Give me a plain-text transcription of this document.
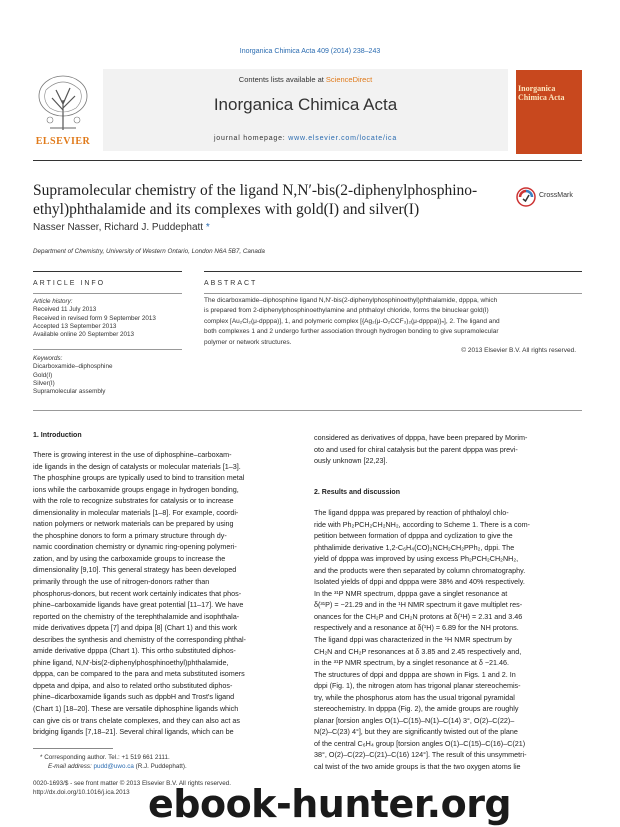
Inorganica Chimica Acta 409 (2014) 238–243
Contents lists available at ScienceDirect
Inorganica Chimica Acta
journal homepage: www.elsevier.com/locate/ica
ELSEVIER
Inorganica Chimica Acta
Supramolecular chemistry of the ligand N,N′-bis(2-diphenylphosphino-
ethyl)phthalamide and its complexes with gold(I) and silver(I)
CrossMark
Nasser Nasser, Richard J. Puddephatt *
Department of Chemistry, University of Western Ontario, London N6A 5B7, Canada
ARTICLE INFO
Article history:
Received 11 July 2013
Received in revised form 9 September 2013
Accepted 13 September 2013
Available online 20 September 2013
Keywords:
Dicarboxamide–diphosphine
Gold(I)
Silver(I)
Supramolecular assembly
ABSTRACT
The dicarboxamide–diphosphine ligand N,N′-bis(2-diphenylphosphinoethyl)phthalamide, dpppa, which
is prepared from 2-diphenylphosphinoethylamine and phthaloyl chloride, forms the binuclear gold(I)
complex [Au₂Cl₂(μ-dpppa)], 1, and polymeric complex [{Ag₂(μ-O₂CCF₃)₂(μ-dpppa)}ₙ], 2. The ligand and
both complexes 1 and 2 undergo further association through hydrogen bonding to give supramolecular
polymer or network structures.
© 2013 Elsevier B.V. All rights reserved.
1. Introduction
There is growing interest in the use of diphosphine–carboxam-
ide ligands in the design of catalysts or molecular materials [1–3].
The phosphine groups are typically used to bind to transition metal
ions while the carboxamide groups engage in hydrogen bonding,
with the role to recognize substrates for catalysis or to increase
dimensionality in molecular materials [1–8]. For example, coordi-
nation polymers or network materials can be prepared by using
the phosphine donors to form a primary structure through dy-
namic coordination chemistry or dynamic ring-opening polymeri-
zation, and by using the carboxamide groups to increase the
dimensionality [9,10]. This general strategy has been developed
primarily through the use of nitrogen-donors rather than
phosphorus-donors, but recent work certainly indicates that phos-
phine–carboxamide ligands have great potential [11–17]. We have
reported on the chemistry of the terephthalamide and isophthala-
mide derivatives dppeta [7] and dpipa [8] (Chart 1) and this work
describes the synthesis and chemistry of the corresponding phthal-
amide derivative dpppa (Chart 1). This ortho substituted diphos-
phine ligand, N,N′-bis(2-diphenylphosphinoethyl)phthalamide,
dpppa, can be compared to the para and meta substituted isomers
dppeta and dpipa, and also to related ortho substituted diphos-
phine–dicarboxamide ligands such as dppbH and Trost's ligand
(Chart 1) [18–20]. These are versatile diphosphine ligands which
can give cis or trans chelate complexes, and they can also act as
bridging ligands [7,18–21]. Several chiral ligands, which can be
considered as derivatives of dpppa, have been prepared by Morim-
oto and used for chiral catalysis but the parent dpppa was previ-
ously unknown [22,23].
2. Results and discussion
The ligand dpppa was prepared by reaction of phthaloyl chlo-
ride with Ph₂PCH₂CH₂NH₂, according to Scheme 1. There is a com-
petition between formation of dpppa and cyclization to give the
phthalimide derivative 1,2-C₆H₄(CO)₂NCH₂CH₂PPh₂, dppi. The
yield of dpppa was improved by using excess Ph₂PCH₂CH₂NH₂,
and the products were then separated by column chromatography.
Isolated yields of dppi and dpppa were 38% and 40% respectively.
In the ³¹P NMR spectrum, dpppa gave a singlet resonance at
δ(³¹P) = −21.29 and in the ¹H NMR spectrum it gave multiplet res-
onances for the CH₂P and CH₂N protons at δ(¹H) = 2.31 and 3.46
respectively and a resonance at δ(¹H) = 6.89 for the NH protons.
The ligand dppi was characterized in the ¹H NMR spectrum by
CH₂N and CH₂P resonances at δ 3.85 and 2.45 respectively and,
in the ³¹P NMR spectrum, by a singlet resonance at δ −21.46.
The structures of dppi and dpppa are shown in Figs. 1 and 2. In
dppi (Fig. 1), the nitrogen atom has trigonal planar stereochemis-
try, while the phosphorus atom has the usual trigonal pyramidal
stereochemistry. In dpppa (Fig. 2), the amide groups are roughly
planar [torsion angles O(1)–C(15)–N(1)–C(14) 3°, O(2)–C(22)–
N(2)–C(23) 4°], but they are significantly twisted out of the plane
of the central C₆H₄ group [torsion angles O(1)–C(15)–C(16)–C(21)
38°, O(2)–C(22)–C(21)–C(16) 124°]. The result of this unsymmetri-
cal twist of the two amide groups is that the two oxygen atoms lie
* Corresponding author. Tel.: +1 519 661 2111.
E-mail address: pudd@uwo.ca (R.J. Puddephatt).
0020-1693/$ - see front matter © 2013 Elsevier B.V. All rights reserved.
http://dx.doi.org/10.1016/j.ica.2013 ebook-hunter.org
